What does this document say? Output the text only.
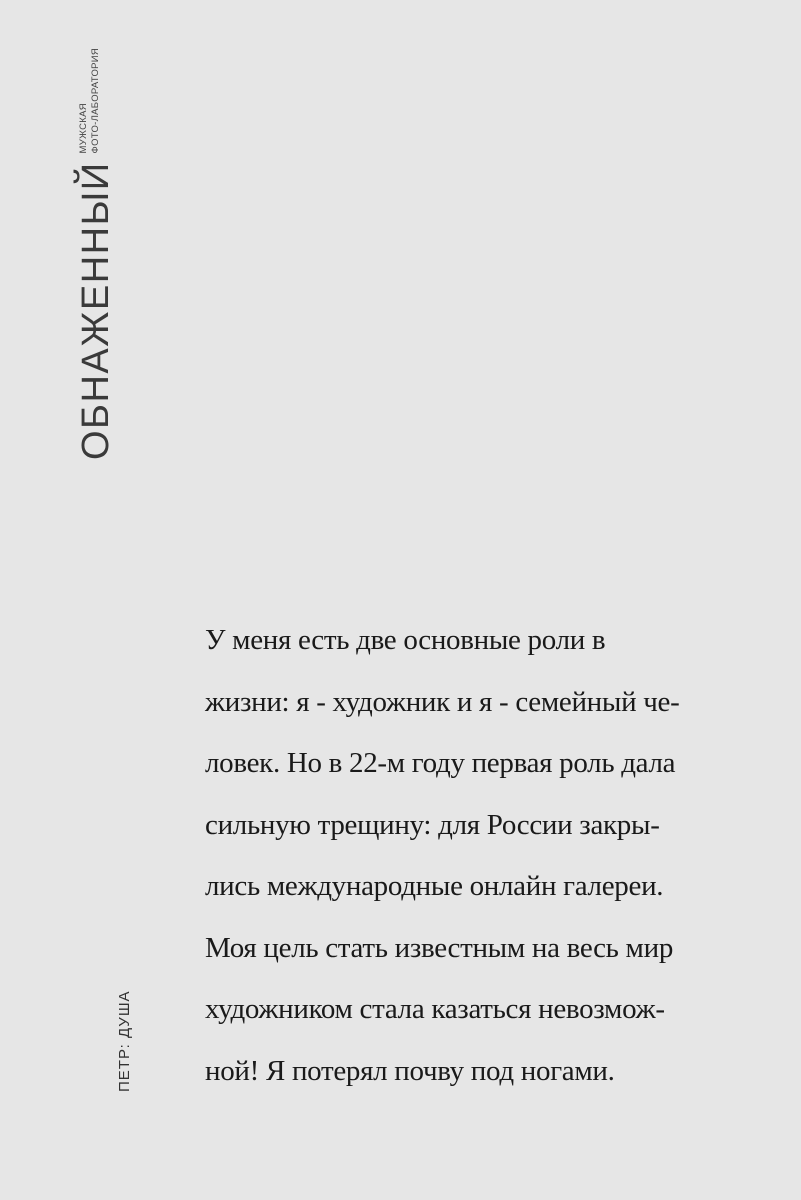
ОБНАЖЕННЫЙ
МУЖСКАЯ ФОТО-ЛАБОРАТОРИЯ
ПЕТР: ДУША
У меня есть две основные роли в
жизни: я - художник и я - семейный че-
ловек. Но в 22-м году первая роль дала
сильную трещину: для России закры-
лись международные онлайн галереи.
Моя цель стать известным на весь мир
художником стала казаться невозмож-
ной! Я потерял почву под ногами.
